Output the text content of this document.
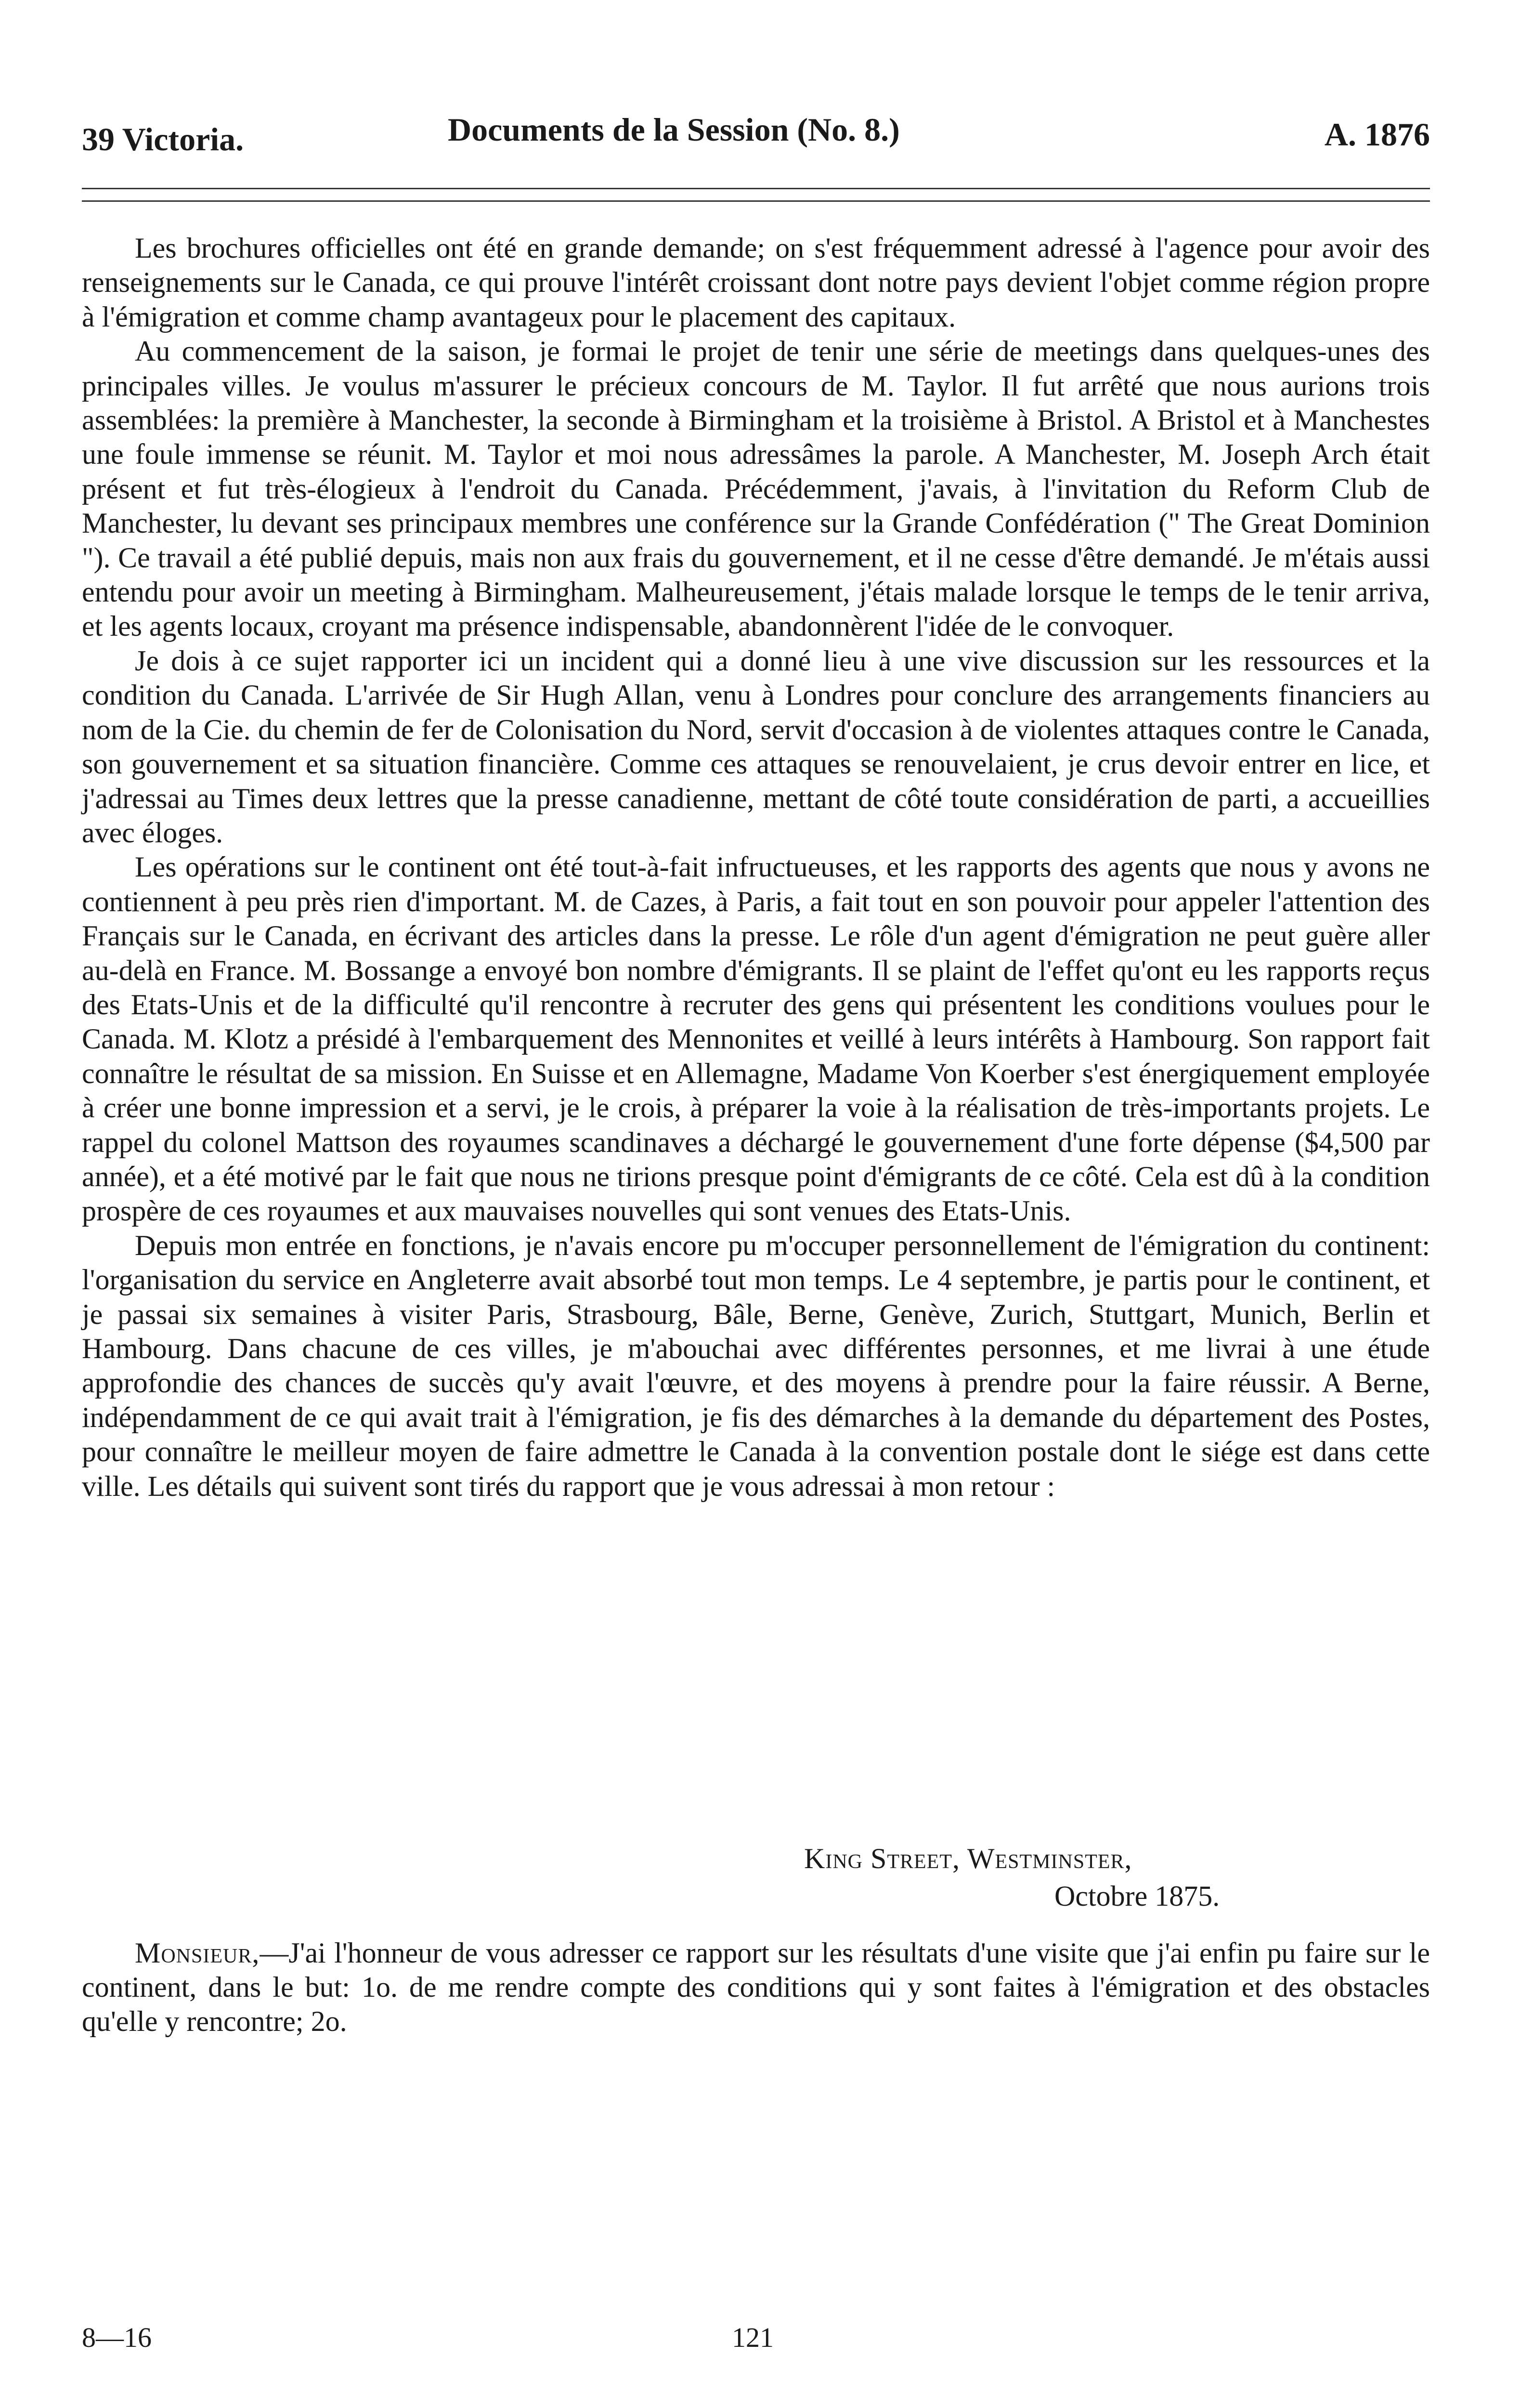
39 Victoria.	Documents de la Session (No. 8.)	A. 1876

Les brochures officielles ont été en grande demande; on s'est fréquemment adressé à l'agence pour avoir des renseignements sur le Canada, ce qui prouve l'intérêt croissant dont notre pays devient l'objet comme région propre à l'émigration et comme champ avantageux pour le placement des capitaux.

Au commencement de la saison, je formai le projet de tenir une série de meetings dans quelques-unes des principales villes. Je voulus m'assurer le précieux concours de M. Taylor. Il fut arrêté que nous aurions trois assemblées: la première à Manchester, la seconde à Birmingham et la troisième à Bristol. A Bristol et à Manchestes une foule immense se réunit. M. Taylor et moi nous adressâmes la parole. A Manchester, M. Joseph Arch était présent et fut très-élogieux à l'endroit du Canada. Précédemment, j'avais, à l'invitation du Reform Club de Manchester, lu devant ses principaux membres une conférence sur la Grande Confédération (" The Great Dominion "). Ce travail a été publié depuis, mais non aux frais du gouvernement, et il ne cesse d'être demandé. Je m'étais aussi entendu pour avoir un meeting à Birmingham. Malheureusement, j'étais malade lorsque le temps de le tenir arriva, et les agents locaux, croyant ma présence indispensable, abandonnèrent l'idée de le convoquer.

Je dois à ce sujet rapporter ici un incident qui a donné lieu à une vive discussion sur les ressources et la condition du Canada. L'arrivée de Sir Hugh Allan, venu à Londres pour conclure des arrangements financiers au nom de la Cie. du chemin de fer de Colonisation du Nord, servit d'occasion à de violentes attaques contre le Canada, son gouvernement et sa situation financière. Comme ces attaques se renouvelaient, je crus devoir entrer en lice, et j'adressai au Times deux lettres que la presse canadienne, mettant de côté toute considération de parti, a accueillies avec éloges.

Les opérations sur le continent ont été tout-à-fait infructueuses, et les rapports des agents que nous y avons ne contiennent à peu près rien d'important. M. de Cazes, à Paris, a fait tout en son pouvoir pour appeler l'attention des Français sur le Canada, en écrivant des articles dans la presse. Le rôle d'un agent d'émigration ne peut guère aller au-delà en France. M. Bossange a envoyé bon nombre d'émigrants. Il se plaint de l'effet qu'ont eu les rapports reçus des Etats-Unis et de la difficulté qu'il rencontre à recruter des gens qui présentent les conditions voulues pour le Canada. M. Klotz a présidé à l'embarquement des Mennonites et veillé à leurs intérêts à Hambourg. Son rapport fait connaître le résultat de sa mission. En Suisse et en Allemagne, Madame Von Koerber s'est énergiquement employée à créer une bonne impression et a servi, je le crois, à préparer la voie à la réalisation de très-importants projets. Le rappel du colonel Mattson des royaumes scandinaves a déchargé le gouvernement d'une forte dépense ($4,500 par année), et a été motivé par le fait que nous ne tirions presque point d'émigrants de ce côté. Cela est dû à la condition prospère de ces royaumes et aux mauvaises nouvelles qui sont venues des Etats-Unis.

Depuis mon entrée en fonctions, je n'avais encore pu m'occuper personnellement de l'émigration du continent: l'organisation du service en Angleterre avait absorbé tout mon temps. Le 4 septembre, je partis pour le continent, et je passai six semaines à visiter Paris, Strasbourg, Bâle, Berne, Genève, Zurich, Stuttgart, Munich, Berlin et Hambourg. Dans chacune de ces villes, je m'abouchai avec différentes personnes, et me livrai à une étude approfondie des chances de succès qu'y avait l'œuvre, et des moyens à prendre pour la faire réussir. A Berne, indépendamment de ce qui avait trait à l'émigration, je fis des démarches à la demande du département des Postes, pour connaître le meilleur moyen de faire admettre le Canada à la convention postale dont le siége est dans cette ville. Les détails qui suivent sont tirés du rapport que je vous adressai à mon retour :

King Street, Westminster,
Octobre 1875.

Monsieur,—J'ai l'honneur de vous adresser ce rapport sur les résultats d'une visite que j'ai enfin pu faire sur le continent, dans le but: 1o. de me rendre compte des conditions qui y sont faites à l'émigration et des obstacles qu'elle y rencontre; 2o.

8—16	121
